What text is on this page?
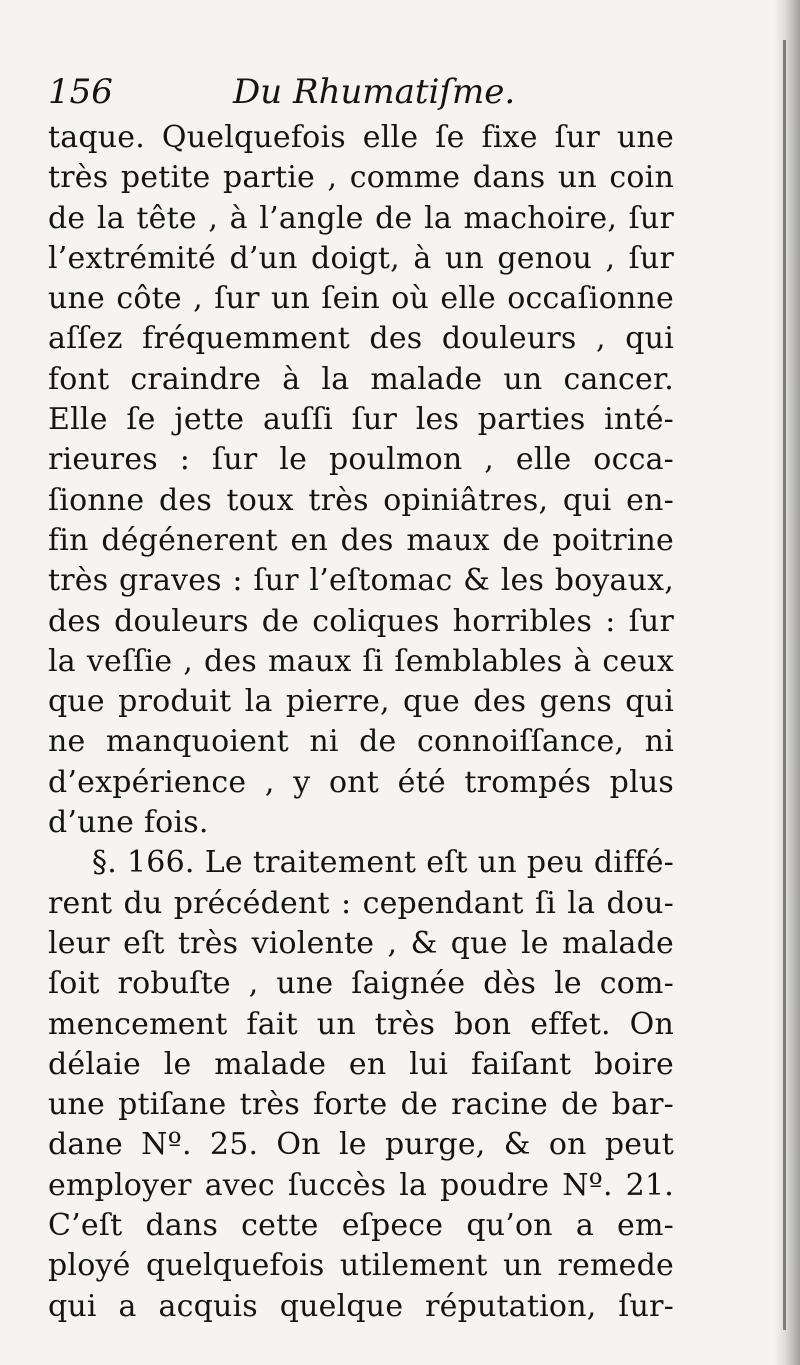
156	Du Rhumatiſme.
taque. Quelquefois elle ſe fixe ſur une
très petite partie , comme dans un coin
de la tête , à l’angle de la machoire, ſur
l’extrémité d’un doigt, à un genou , ſur
une côte , ſur un ſein où elle occaſionne
aſſez fréquemment des douleurs , qui
font craindre à la malade un cancer.
Elle ſe jette auſſi ſur les parties inté-
rieures : ſur le poulmon , elle occa-
ſionne des toux très opiniâtres, qui en-
fin dégénerent en des maux de poitrine
très graves : ſur l’eſtomac & les boyaux,
des douleurs de coliques horribles : ſur
la veſſie , des maux ſi ſemblables à ceux
que produit la pierre, que des gens qui
ne manquoient ni de connoiſſance, ni
d’expérience , y ont été trompés plus
d’une fois.
§. 166. Le traitement eſt un peu diffé-
rent du précédent : cependant ſi la dou-
leur eſt très violente , & que le malade
ſoit robuſte , une ſaignée dès le com-
mencement fait un très bon effet. On
délaie le malade en lui faiſant boire
une ptiſane très forte de racine de bar-
dane Nº. 25. On le purge, & on peut
employer avec ſuccès la poudre Nº. 21.
C’eſt dans cette eſpece qu’on a em-
ployé quelquefois utilement un remede
qui a acquis quelque réputation, ſur-
